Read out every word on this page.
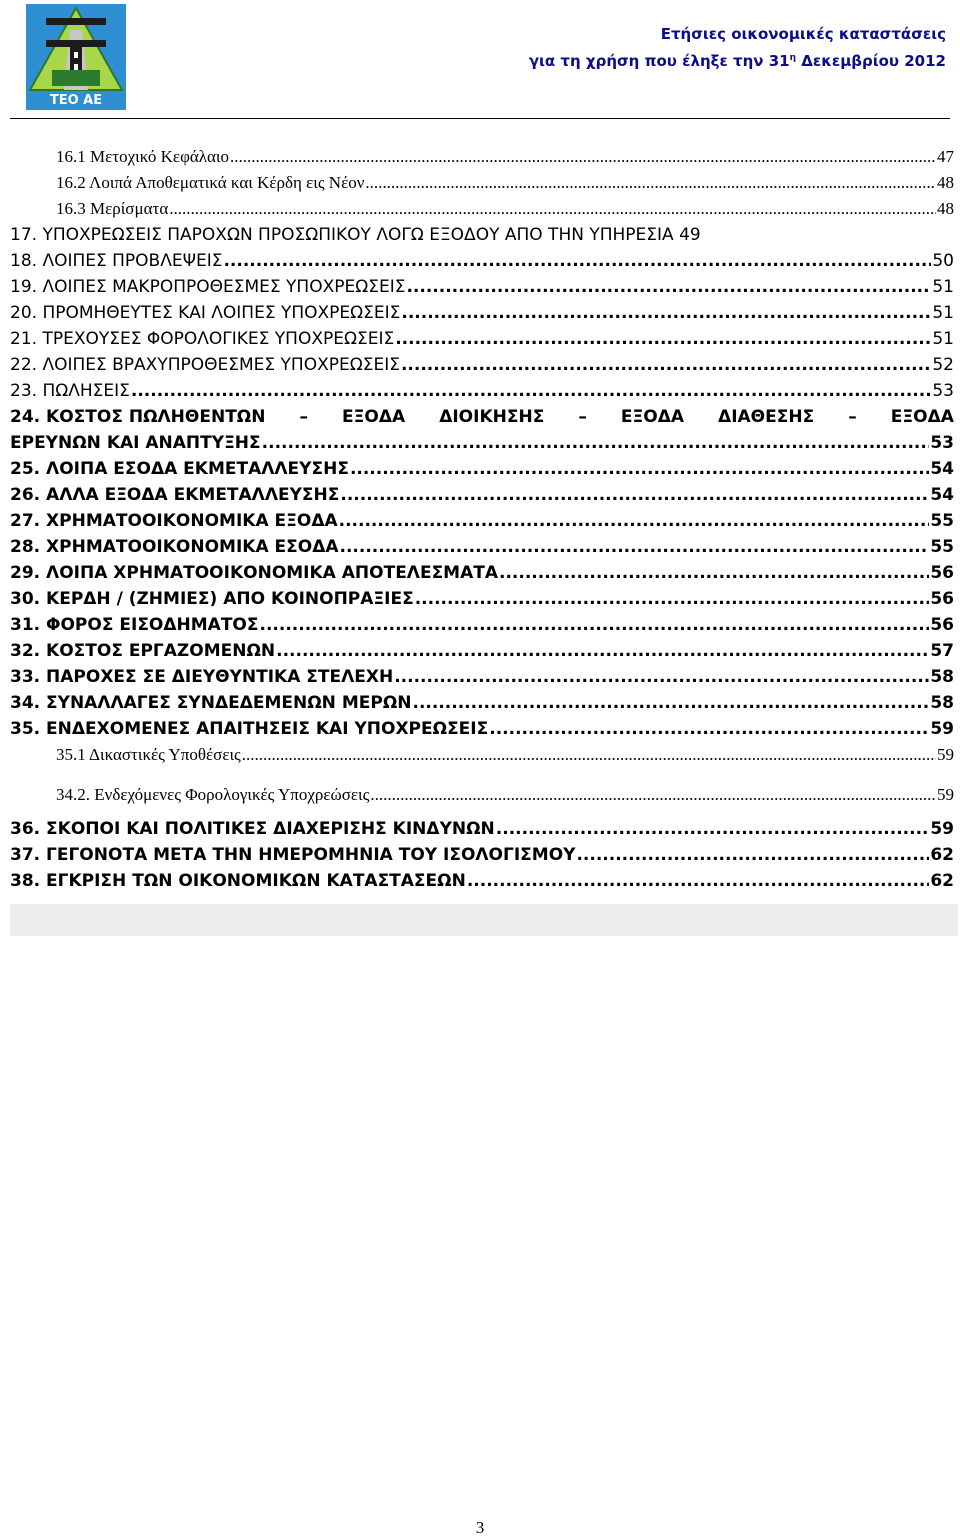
ΤΕΟ ΑΕ
Ετήσιες οικονομικές καταστάσεις
για τη χρήση που έληξε την $31^\eta$ Δεκεμβρίου 2012
16.1 Μετοχικό Κεφάλαιο .....	47
16.2 Λοιπά Αποθεματικά και Κέρδη εις Νέον .....	48
16.3 Μερίσματα .....	48
17. ΥΠΟΧΡΕΩΣΕΙΣ ΠΑΡΟΧΩΝ ΠΡΟΣΩΠΙΚΟΥ ΛΟΓΩ ΕΞΟΔΟΥ ΑΠΟ ΤΗΝ ΥΠΗΡΕΣΙΑ 49
18. ΛΟΙΠΕΣ ΠΡΟΒΛΕΨΕΙΣ .....	50
19. ΛΟΙΠΕΣ ΜΑΚΡΟΠΡΟΘΕΣΜΕΣ ΥΠΟΧΡΕΩΣΕΙΣ .....	51
20. ΠΡΟΜΗΘΕΥΤΕΣ ΚΑΙ ΛΟΙΠΕΣ ΥΠΟΧΡΕΩΣΕΙΣ .....	51
21. ΤΡΕΧΟΥΣΕΣ ΦΟΡΟΛΟΓΙΚΕΣ ΥΠΟΧΡΕΩΣΕΙΣ .....	51
22. ΛΟΙΠΕΣ ΒΡΑΧΥΠΡΟΘΕΣΜΕΣ ΥΠΟΧΡΕΩΣΕΙΣ .....	52
23. ΠΩΛΗΣΕΙΣ .....	53
24. ΚΟΣΤΟΣ ΠΩΛΗΘΕΝΤΩΝ – ΕΞΟΔΑ ΔΙΟΙΚΗΣΗΣ – ΕΞΟΔΑ ΔΙΑΘΕΣΗΣ – ΕΞΟΔΑ
ΕΡΕΥΝΩΝ ΚΑΙ ΑΝΑΠΤΥΞΗΣ .....	53
25. ΛΟΙΠΑ ΕΣΟΔΑ ΕΚΜΕΤΑΛΛΕΥΣΗΣ .....	54
26. ΑΛΛΑ ΕΞΟΔΑ ΕΚΜΕΤΑΛΛΕΥΣΗΣ .....	54
27. ΧΡΗΜΑΤΟΟΙΚΟΝΟΜΙΚΑ ΕΞΟΔΑ .....	55
28. ΧΡΗΜΑΤΟΟΙΚΟΝΟΜΙΚΑ ΕΣΟΔΑ .....	55
29. ΛΟΙΠΑ ΧΡΗΜΑΤΟΟΙΚΟΝΟΜΙΚΑ ΑΠΟΤΕΛΕΣΜΑΤΑ .....	56
30. ΚΕΡΔΗ / (ΖΗΜΙΕΣ) ΑΠΟ ΚΟΙΝΟΠΡΑΞΙΕΣ .....	56
31. ΦΟΡΟΣ ΕΙΣΟΔΗΜΑΤΟΣ .....	56
32. ΚΟΣΤΟΣ ΕΡΓΑΖΟΜΕΝΩΝ .....	57
33. ΠΑΡΟΧΕΣ ΣΕ ΔΙΕΥΘΥΝΤΙΚΑ ΣΤΕΛΕΧΗ .....	58
34. ΣΥΝΑΛΛΑΓΕΣ ΣΥΝΔΕΔΕΜΕΝΩΝ ΜΕΡΩΝ .....	58
35. ΕΝΔΕΧΟΜΕΝΕΣ ΑΠΑΙΤΗΣΕΙΣ ΚΑΙ ΥΠΟΧΡΕΩΣΕΙΣ .....	59
35.1 Δικαστικές Υποθέσεις .....	59
34.2. Ενδεχόμενες Φορολογικές Υποχρεώσεις .....	59
36. ΣΚΟΠΟΙ ΚΑΙ ΠΟΛΙΤΙΚΕΣ ΔΙΑΧΕΡΙΣΗΣ ΚΙΝΔΥΝΩΝ .....	59
37. ΓΕΓΟΝΟΤΑ ΜΕΤΑ ΤΗΝ ΗΜΕΡΟΜΗΝΙΑ ΤΟΥ ΙΣΟΛΟΓΙΣΜΟΥ .....	62
38. ΕΓΚΡΙΣΗ ΤΩΝ ΟΙΚΟΝΟΜΙΚΩΝ ΚΑΤΑΣΤΑΣΕΩΝ .....	62
3
